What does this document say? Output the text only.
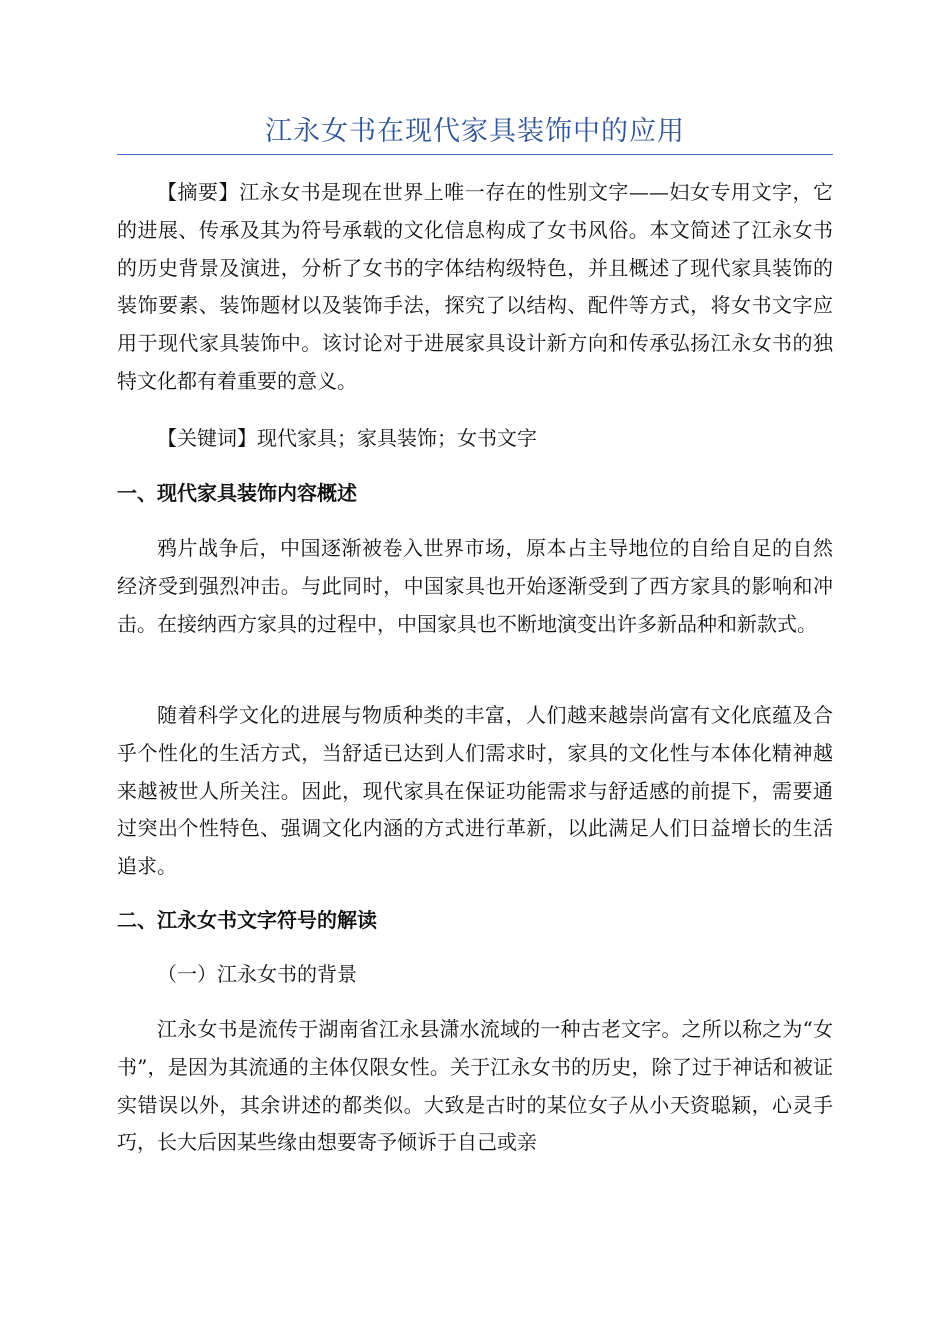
江永女书在现代家具装饰中的应用

【摘要】江永女书是现在世界上唯一存在的性别文字——妇女专用文字，它的进展、传承及其为符号承载的文化信息构成了女书风俗。本文简述了江永女书的历史背景及演进，分析了女书的字体结构级特色，并且概述了现代家具装饰的装饰要素、装饰题材以及装饰手法，探究了以结构、配件等方式，将女书文字应用于现代家具装饰中。该讨论对于进展家具设计新方向和传承弘扬江永女书的独特文化都有着重要的意义。

【关键词】现代家具；家具装饰；女书文字

一、现代家具装饰内容概述

鸦片战争后，中国逐渐被卷入世界市场，原本占主导地位的自给自足的自然经济受到强烈冲击。与此同时，中国家具也开始逐渐受到了西方家具的影响和冲击。在接纳西方家具的过程中，中国家具也不断地演变出许多新品种和新款式。

随着科学文化的进展与物质种类的丰富，人们越来越崇尚富有文化底蕴及合乎个性化的生活方式，当舒适已达到人们需求时，家具的文化性与本体化精神越来越被世人所关注。因此，现代家具在保证功能需求与舒适感的前提下，需要通过突出个性特色、强调文化内涵的方式进行革新，以此满足人们日益增长的生活追求。

二、江永女书文字符号的解读
（一）江永女书的背景

江永女书是流传于湖南省江永县潇水流域的一种古老文字。之所以称之为“女书”，是因为其流通的主体仅限女性。关于江永女书的历史，除了过于神话和被证实错误以外，其余讲述的都类似。大致是古时的某位女子从小天资聪颖，心灵手巧，长大后因某些缘由想要寄予倾诉于自己或亲
